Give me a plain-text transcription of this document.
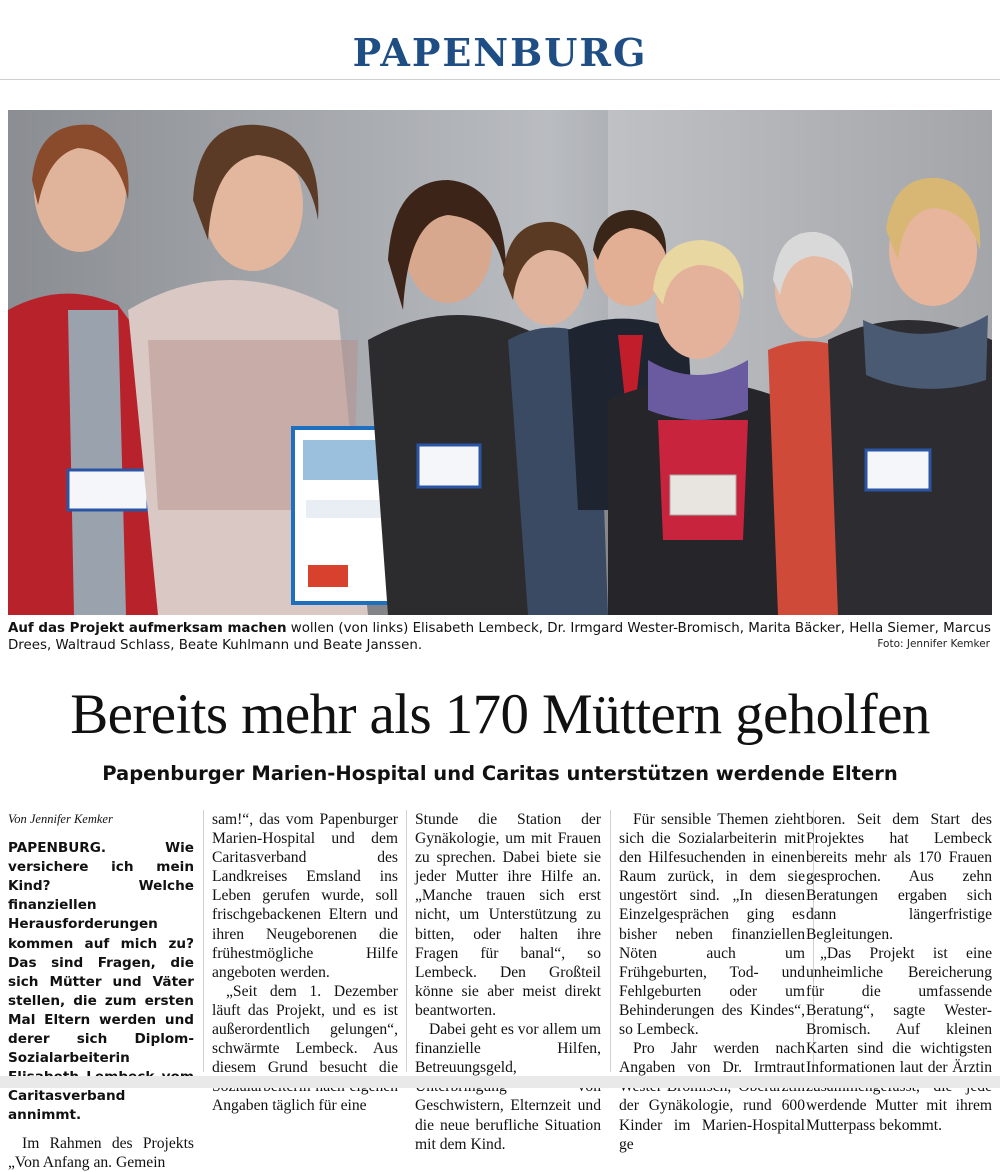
PAPENBURG
Auf das Projekt aufmerksam machen wollen (von links) Elisabeth Lembeck, Dr. Irmgard Wester-Bromisch, Marita Bäcker, Hella Siemer, Marcus Drees, Waltraud Schlass, Beate Kuhlmann und Beate Janssen.	Foto: Jennifer Kemker
Bereits mehr als 170 Müttern geholfen
Papenburger Marien-Hospital und Caritas unterstützen werdende Eltern
Von Jennifer Kemker

PAPENBURG. Wie versichere ich mein Kind? Welche finanziellen Herausforderungen kommen auf mich zu? Das sind Fragen, die sich Mütter und Väter stellen, die zum ersten Mal Eltern werden und derer sich Diplom-Sozialarbeiterin Caritasverband annimmt.

Im Rahmen des Projekts „Von Anfang an. Gemein

sam!“, das vom Papenburger Marien-Hospital und dem Caritasverband des Landkreises Emsland ins Leben gerufen wurde, soll frischgebackenen Eltern und ihren Neugeborenen die frühestmögliche Hilfe angeboten werden.

„Seit dem 1. Dezember läuft das Projekt, und es ist außerordentlich gelungen“, schwärmte Lembeck. Aus diesem Grund besucht die Angaben täglich für eine

Stunde die Station der Gynäkologie, um mit Frauen zu sprechen. Dabei biete sie jeder Mutter ihre Hilfe an. „Manche trauen sich erst nicht, um Unterstützung zu bitten, oder halten ihre Fragen für banal“, so Lembeck. Den Großteil könne sie aber meist direkt beantworten.

Dabei geht es vor allem um finanzielle Hilfen, Betreuungsgeld, Geschwistern, Elternzeit und die neue berufliche Situation mit dem Kind.

Für sensible Themen zieht sich die Sozialarbeiterin mit den Hilfesuchenden in einen Raum zurück, in dem sie ungestört sind. „In diesen Einzelgesprächen ging es bisher neben finanziellen Nöten auch um Frühgeburten, Tod- und Fehlgeburten oder um Behinderungen des Kindes“, so Lembeck.

Pro Jahr werden nach Angaben von Dr. Irmtraut der Gynäkologie, rund 600 Kinder im Marien-Hospital ge

boren. Seit dem Start des Projektes hat Lembeck bereits mehr als 170 Frauen gesprochen. Aus zehn Beratungen ergaben sich dann längerfristige Begleitungen.

„Das Projekt ist eine unheimliche Bereicherung für die umfassende Beratung“, sagte Wester-Bromisch. Auf kleinen Karten sind die wichtigsten Informationen laut der Ärztin werdende Mutter mit ihrem Mutterpass bekommt.
